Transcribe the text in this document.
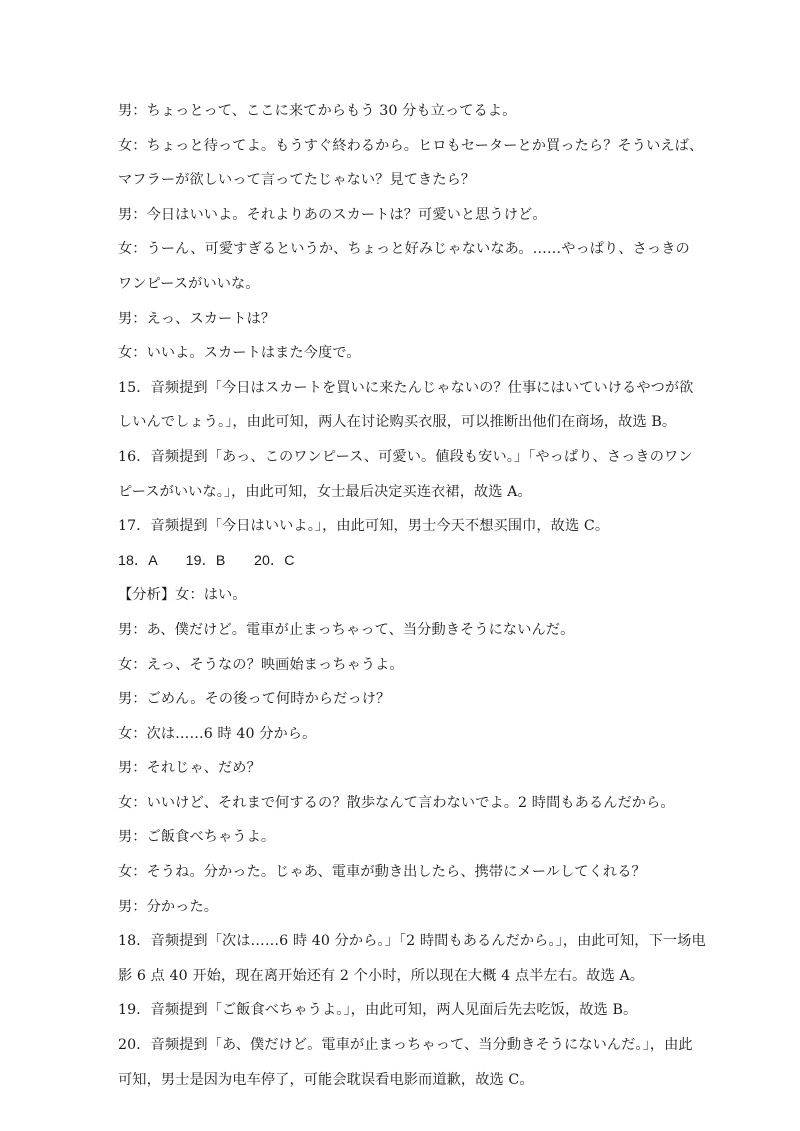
男：ちょっとって、ここに来てからもう 30 分も立ってるよ。
女：ちょっと待ってよ。もうすぐ終わるから。ヒロもセーターとか買ったら？そういえば、
マフラーが欲しいって言ってたじゃない？見てきたら？
男：今日はいいよ。それよりあのスカートは？可愛いと思うけど。
女：うーん、可愛すぎるというか、ちょっと好みじゃないなあ。……やっぱり、さっきの
ワンピースがいいな。
男：えっ、スカートは？
女：いいよ。スカートはまた今度で。
15．音频提到「今日はスカートを買いに来たんじゃないの？仕事にはいていけるやつが欲
しいんでしょう。」，由此可知，两人在讨论购买衣服，可以推断出他们在商场，故选 B。
16．音频提到「あっ、このワンピース、可愛い。値段も安い。」「やっぱり、さっきのワン
ピースがいいな。」，由此可知，女士最后决定买连衣裙，故选 A。
17．音频提到「今日はいいよ。」，由此可知，男士今天不想买围巾，故选 C。
18．A　　19．B　　20．C
【分析】女：はい。
男：あ、僕だけど。電車が止まっちゃって、当分動きそうにないんだ。
女：えっ、そうなの？映画始まっちゃうよ。
男：ごめん。その後って何時からだっけ？
女：次は……6 時 40 分から。
男：それじゃ、だめ？
女：いいけど、それまで何するの？散歩なんて言わないでよ。2 時間もあるんだから。
男：ご飯食べちゃうよ。
女：そうね。分かった。じゃあ、電車が動き出したら、携帯にメールしてくれる？
男：分かった。
18．音频提到「次は……6 時 40 分から。」「2 時間もあるんだから。」，由此可知，下一场电
影 6 点 40 开始，现在离开始还有 2 个小时，所以现在大概 4 点半左右。故选 A。
19．音频提到「ご飯食べちゃうよ。」，由此可知，两人见面后先去吃饭，故选 B。
20．音频提到「あ、僕だけど。電車が止まっちゃって、当分動きそうにないんだ。」，由此
可知，男士是因为电车停了，可能会耽误看电影而道歉，故选 C。
